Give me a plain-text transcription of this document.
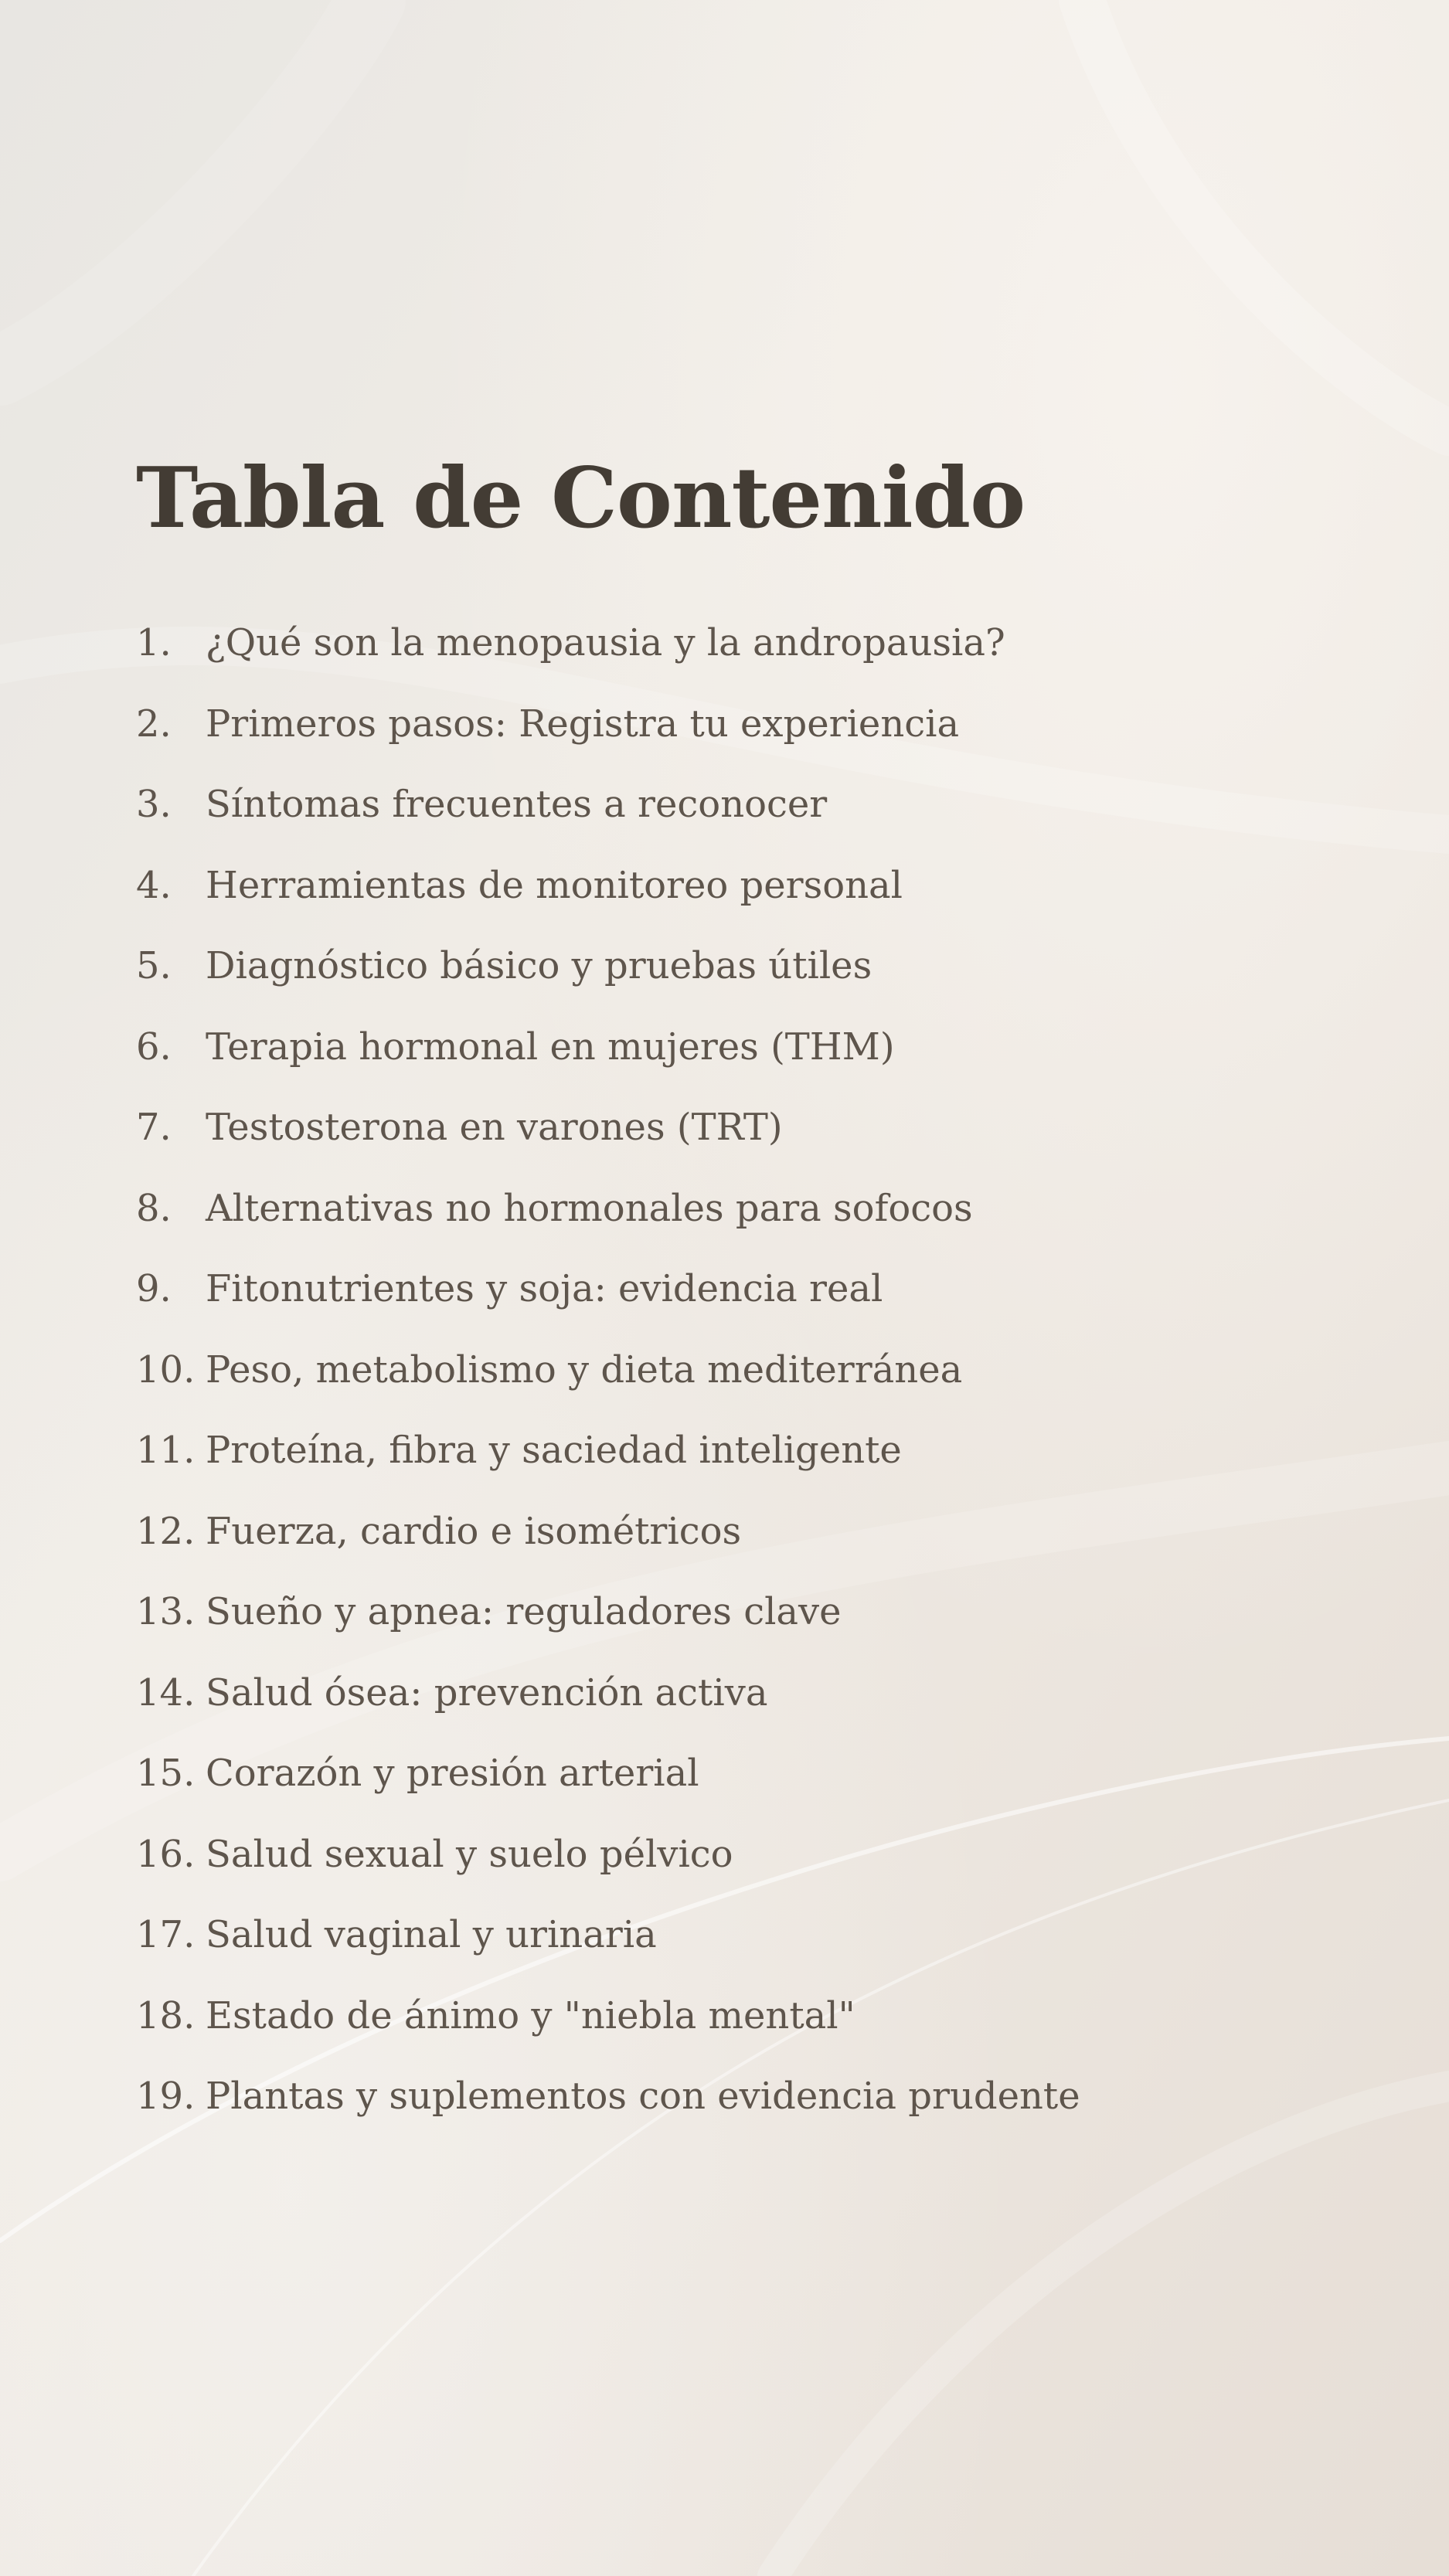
Tabla de Contenido
1. ¿Qué son la menopausia y la andropausia?
2. Primeros pasos: Registra tu experiencia
3. Síntomas frecuentes a reconocer
4. Herramientas de monitoreo personal
5. Diagnóstico básico y pruebas útiles
6. Terapia hormonal en mujeres (THM)
7. Testosterona en varones (TRT)
8. Alternativas no hormonales para sofocos
9. Fitonutrientes y soja: evidencia real
10. Peso, metabolismo y dieta mediterránea
11. Proteína, fibra y saciedad inteligente
12. Fuerza, cardio e isométricos
13. Sueño y apnea: reguladores clave
14. Salud ósea: prevención activa
15. Corazón y presión arterial
16. Salud sexual y suelo pélvico
17. Salud vaginal y urinaria
18. Estado de ánimo y "niebla mental"
19. Plantas y suplementos con evidencia prudente
